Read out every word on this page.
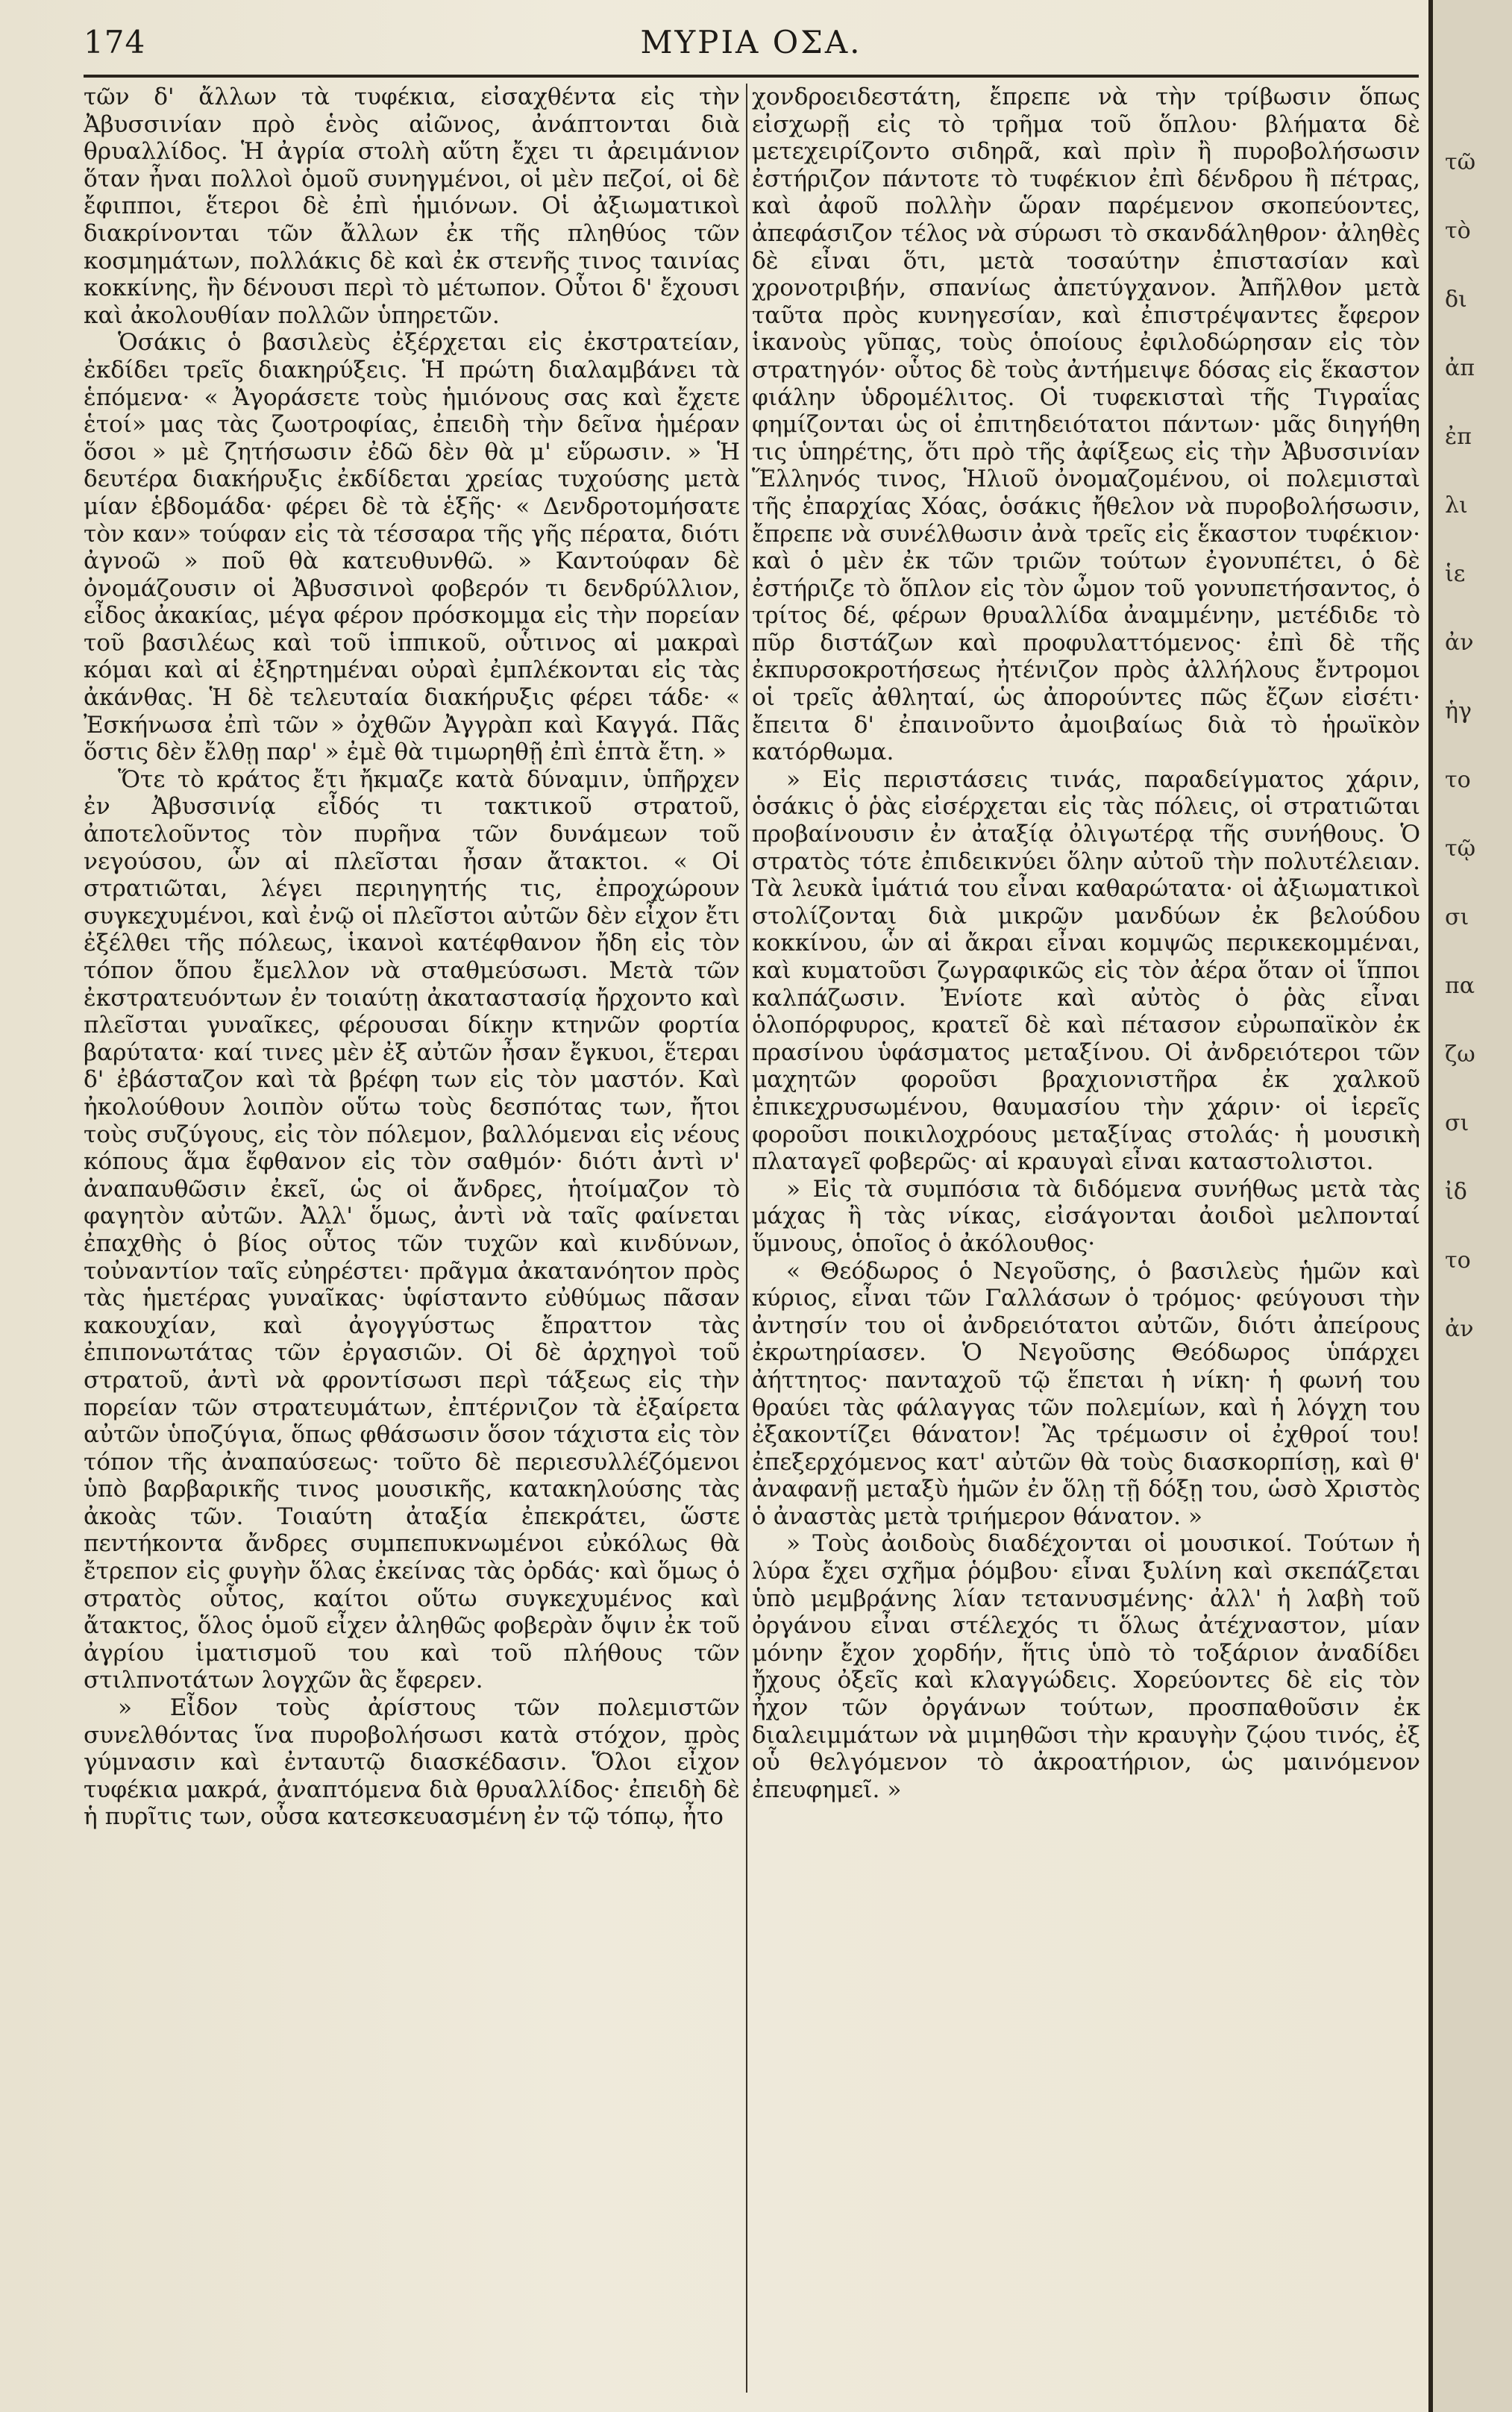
174	ΜΥΡΙΑ ΟΣΑ.

τῶν δ' ἄλλων τὰ τυφέκια, εἰσαχθέντα εἰς τὴν Ἀβυσσινίαν πρὸ ἑνὸς αἰῶνος, ἀνάπτονται διὰ θρυαλλίδος. Ἡ ἀγρία στολὴ αὕτη ἔχει τι ἀρειμάνιον ὅταν ἦναι πολλοὶ ὁμοῦ συνηγμένοι, οἱ μὲν πεζοί, οἱ δὲ ἔφιπποι, ἕτεροι δὲ ἐπὶ ἡμιόνων. Οἱ ἀξιωματικοὶ διακρίνονται τῶν ἄλλων ἐκ τῆς πληθύος τῶν κοσμημάτων, πολλάκις δὲ καὶ ἐκ στενῆς τινος ταινίας κοκκίνης, ἣν δένουσι περὶ τὸ μέτωπον. Οὗτοι δ' ἔχουσι καὶ ἀκολουθίαν πολλῶν ὑπηρετῶν.

Ὁσάκις ὁ βασιλεὺς ἐξέρχεται εἰς ἐκστρατείαν, ἐκδίδει τρεῖς διακηρύξεις. Ἡ πρώτη διαλαμβάνει τὰ ἑπόμενα· « Ἀγοράσετε τοὺς ἡμιόνους σας καὶ ἔχετε ἑτοί» μας τὰς ζωοτροφίας, ἐπειδὴ τὴν δεῖνα ἡμέραν ὅσοι » μὲ ζητήσωσιν ἐδῶ δὲν θὰ μ' εὕρωσιν. » Ἡ δευτέρα διακήρυξις ἐκδίδεται χρείας τυχούσης μετὰ μίαν ἑβδομάδα· φέρει δὲ τὰ ἑξῆς· « Δενδροτομήσατε τὸν καν» τούφαν εἰς τὰ τέσσαρα τῆς γῆς πέρατα, διότι ἀγνοῶ » ποῦ θὰ κατευθυνθῶ. » Καντούφαν δὲ ὀνομάζουσιν οἱ Ἀβυσσινοὶ φοβερόν τι δενδρύλλιον, εἶδος ἀκακίας, μέγα φέρον πρόσκομμα εἰς τὴν πορείαν τοῦ βασιλέως καὶ τοῦ ἱππικοῦ, οὗτινος αἱ μακραὶ κόμαι καὶ αἱ ἐξηρτημέναι οὐραὶ ἐμπλέκονται εἰς τὰς ἀκάνθας. Ἡ δὲ τελευταία διακήρυξις φέρει τάδε· « Ἐσκήνωσα ἐπὶ τῶν » ὀχθῶν Ἀγγρὰπ καὶ Καγγά. Πᾶς ὅστις δὲν ἔλθῃ παρ' » ἐμὲ θὰ τιμωρηθῇ ἐπὶ ἑπτὰ ἔτη. »

Ὅτε τὸ κράτος ἔτι ἤκμαζε κατὰ δύναμιν, ὑπῆρχεν ἐν Ἀβυσσινίᾳ εἶδός τι τακτικοῦ στρατοῦ, ἀποτελοῦντος τὸν πυρῆνα τῶν δυνάμεων τοῦ νεγούσου, ὧν αἱ πλεῖσται ἦσαν ἄτακτοι. « Οἱ στρατιῶται, λέγει περιηγητής τις, ἐπροχώρουν συγκεχυμένοι, καὶ ἐνῷ οἱ πλεῖστοι αὐτῶν δὲν εἶχον ἔτι ἐξέλθει τῆς πόλεως, ἱκανοὶ κατέφθανον ἤδη εἰς τὸν τόπον ὅπου ἔμελλον νὰ σταθμεύσωσι. Μετὰ τῶν ἐκστρατευόντων ἐν τοιαύτῃ ἀκαταστασίᾳ ἤρχοντο καὶ πλεῖσται γυναῖκες, φέρουσαι δίκην κτηνῶν φορτία βαρύτατα· καί τινες μὲν ἐξ αὐτῶν ἦσαν ἔγκυοι, ἕτεραι δ' ἐβάσταζον καὶ τὰ βρέφη των εἰς τὸν μαστόν. Καὶ ἠκολούθουν λοιπὸν οὕτω τοὺς δεσπότας των, ἤτοι τοὺς συζύγους, εἰς τὸν πόλεμον, βαλλόμεναι εἰς νέους κόπους ἅμα ἔφθανον εἰς τὸν σαθμόν· διότι ἀντὶ ν' ἀναπαυθῶσιν ἐκεῖ, ὡς οἱ ἄνδρες, ἡτοίμαζον τὸ φαγητὸν αὐτῶν. Ἀλλ' ὅμως, ἀντὶ νὰ ταῖς φαίνεται ἐπαχθὴς ὁ βίος οὗτος τῶν τυχῶν καὶ κινδύνων, τοὐναντίον ταῖς εὐηρέστει· πρᾶγμα ἀκατανόητον πρὸς τὰς ἡμετέρας γυναῖκας· ὑφίσταντο εὐθύμως πᾶσαν κακουχίαν, καὶ ἀγογγύστως ἔπραττον τὰς ἐπιπονωτάτας τῶν ἐργασιῶν. Οἱ δὲ ἀρχηγοὶ τοῦ στρατοῦ, ἀντὶ νὰ φροντίσωσι περὶ τάξεως εἰς τὴν πορείαν τῶν στρατευμάτων, ἐπτέρνιζον τὰ ἐξαίρετα αὐτῶν ὑποζύγια, ὅπως φθάσωσιν ὅσον τάχιστα εἰς τὸν τόπον τῆς ἀναπαύσεως· τοῦτο δὲ περιεσυλλέζόμενοι ὑπὸ βαρβαρικῆς τινος μουσικῆς, κατακηλούσης τὰς ἀκοὰς τῶν. Τοιαύτη ἀταξία ἐπεκράτει, ὥστε πεντήκοντα ἄνδρες συμπεπυκνωμένοι εὐκόλως θὰ ἔτρεπον εἰς φυγὴν ὅλας ἐκείνας τὰς ὀρδάς· καὶ ὅμως ὁ στρατὸς οὗτος, καίτοι οὕτω συγκεχυμένος καὶ ἄτακτος, ὅλος ὁμοῦ εἶχεν ἀληθῶς φοβερὰν ὄψιν ἐκ τοῦ ἀγρίου ἱματισμοῦ του καὶ τοῦ πλήθους τῶν στιλπνοτάτων λογχῶν ἃς ἔφερεν.

» Εἶδον τοὺς ἀρίστους τῶν πολεμιστῶν συνελθόντας ἵνα πυροβολήσωσι κατὰ στόχον, πρὸς γύμνασιν καὶ ἐνταυτῷ διασκέδασιν. Ὅλοι εἶχον τυφέκια μακρά, ἀναπτόμενα διὰ θρυαλλίδος· ἐπειδὴ δὲ ἡ πυρῖτις των, οὖσα κατεσκευασμένη ἐν τῷ τόπῳ, ἦτο

χονδροειδεστάτη, ἔπρεπε νὰ τὴν τρίβωσιν ὅπως εἰσχωρῇ εἰς τὸ τρῆμα τοῦ ὅπλου· βλήματα δὲ μετεχειρίζοντο σιδηρᾶ, καὶ πρὶν ἢ πυροβολήσωσιν ἐστήριζον πάντοτε τὸ τυφέκιον ἐπὶ δένδρου ἢ πέτρας, καὶ ἀφοῦ πολλὴν ὥραν παρέμενον σκοπεύοντες, ἀπεφάσιζον τέλος νὰ σύρωσι τὸ σκανδάληθρον· ἀληθὲς δὲ εἶναι ὅτι, μετὰ τοσαύτην ἐπιστασίαν καὶ χρονοτριβήν, σπανίως ἀπετύγχανον. Ἀπῆλθον μετὰ ταῦτα πρὸς κυνηγεσίαν, καὶ ἐπιστρέψαντες ἔφερον ἱκανοὺς γῦπας, τοὺς ὁποίους ἐφιλοδώρησαν εἰς τὸν στρατηγόν· οὗτος δὲ τοὺς ἀντήμειψε δόσας εἰς ἕκαστον φιάλην ὑδρομέλιτος. Οἱ τυφεκισταὶ τῆς Τιγραΐας φημίζονται ὡς οἱ ἐπιτηδειότατοι πάντων· μᾶς διηγήθη τις ὑπηρέτης, ὅτι πρὸ τῆς ἀφίξεως εἰς τὴν Ἀβυσσινίαν Ἕλληνός τινος, Ἡλιοῦ ὀνομαζομένου, οἱ πολεμισταὶ τῆς ἐπαρχίας Χόας, ὁσάκις ἤθελον νὰ πυροβολήσωσιν, ἔπρεπε νὰ συνέλθωσιν ἀνὰ τρεῖς εἰς ἕκαστον τυφέκιον· καὶ ὁ μὲν ἐκ τῶν τριῶν τούτων ἐγονυπέτει, ὁ δὲ ἐστήριζε τὸ ὅπλον εἰς τὸν ὦμον τοῦ γονυπετήσαντος, ὁ τρίτος δέ, φέρων θρυαλλίδα ἀναμμένην, μετέδιδε τὸ πῦρ διστάζων καὶ προφυλαττόμενος· ἐπὶ δὲ τῆς ἐκπυρσοκροτήσεως ἠτένιζον πρὸς ἀλλήλους ἔντρομοι οἱ τρεῖς ἀθληταί, ὡς ἀπορούντες πῶς ἔζων εἰσέτι· ἔπειτα δ' ἐπαινοῦντο ἀμοιβαίως διὰ τὸ ἡρωϊκὸν κατόρθωμα.

» Εἰς περιστάσεις τινάς, παραδείγματος χάριν, ὁσάκις ὁ ῥὰς εἰσέρχεται εἰς τὰς πόλεις, οἱ στρατιῶται προβαίνουσιν ἐν ἀταξίᾳ ὀλιγωτέρᾳ τῆς συνήθους. Ὁ στρατὸς τότε ἐπιδεικνύει ὅλην αὐτοῦ τὴν πολυτέλειαν. Τὰ λευκὰ ἱμάτιά του εἶναι καθαρώτατα· οἱ ἀξιωματικοὶ στολίζονται διὰ μικρῶν μανδύων ἐκ βελούδου κοκκίνου, ὧν αἱ ἄκραι εἶναι κομψῶς περικεκομμέναι, καὶ κυματοῦσι ζωγραφικῶς εἰς τὸν ἀέρα ὅταν οἱ ἵπποι καλπάζωσιν. Ἐνίοτε καὶ αὐτὸς ὁ ῥὰς εἶναι ὁλοπόρφυρος, κρατεῖ δὲ καὶ πέτασον εὐρωπαϊκὸν ἐκ πρασίνου ὑφάσματος μεταξίνου. Οἱ ἀνδρειότεροι τῶν μαχητῶν φοροῦσι βραχιονιστῆρα ἐκ χαλκοῦ ἐπικεχρυσωμένου, θαυμασίου τὴν χάριν· οἱ ἱερεῖς φοροῦσι ποικιλοχρόους μεταξίνας στολάς· ἡ μουσικὴ πλαταγεῖ φοβερῶς· αἱ κραυγαὶ εἶναι καταστολιστοι.

» Εἰς τὰ συμπόσια τὰ διδόμενα συνήθως μετὰ τὰς μάχας ἢ τὰς νίκας, εἰσάγονται ἀοιδοὶ μελπονταί ὕμνους, ὁποῖος ὁ ἀκόλουθος·

« Θεόδωρος ὁ Νεγοῦσης, ὁ βασιλεὺς ἡμῶν καὶ κύριος, εἶναι τῶν Γαλλάσων ὁ τρόμος· φεύγουσι τὴν ἀντησίν του οἱ ἀνδρειότατοι αὐτῶν, διότι ἀπείρους ἐκρωτηρίασεν. Ὁ Νεγοῦσης Θεόδωρος ὑπάρχει ἀήττητος· πανταχοῦ τῷ ἕπεται ἡ νίκη· ἡ φωνή του θραύει τὰς φάλαγγας τῶν πολεμίων, καὶ ἡ λόγχη του ἐξακοντίζει θάνατον! Ἂς τρέμωσιν οἱ ἐχθροί του! ἐπεξερχόμενος κατ' αὐτῶν θὰ τοὺς διασκορπίσῃ, καὶ θ' ἀναφανῇ μεταξὺ ἡμῶν ἐν ὅλῃ τῇ δόξῃ του, ὡσὸ Χριστὸς ὁ ἀναστὰς μετὰ τριήμερον θάνατον. »

» Τοὺς ἀοιδοὺς διαδέχονται οἱ μουσικοί. Τούτων ἡ λύρα ἔχει σχῆμα ῥόμβου· εἶναι ξυλίνη καὶ σκεπάζεται ὑπὸ μεμβράνης λίαν τετανυσμένης· ἀλλ' ἡ λαβὴ τοῦ ὀργάνου εἶναι στέλεχός τι ὅλως ἀτέχναστον, μίαν μόνην ἔχον χορδήν, ἥτις ὑπὸ τὸ τοξάριον ἀναδίδει ἤχους ὀξεῖς καὶ κλαγγώδεις. Χορεύοντες δὲ εἰς τὸν ἦχον τῶν ὀργάνων τούτων, προσπαθοῦσιν ἐκ διαλειμμάτων νὰ μιμηθῶσι τὴν κραυγὴν ζῴου τινός, ἐξ οὗ θελγόμενον τὸ ἀκροατήριον, ὡς μαινόμενον ἐπευφημεῖ. »

τῶ
τὸ
δι
ἀπ
ἐπ
λι
ἱε
ἀν
ἡγ
το
τῷ
σι
πα
ζω
σι
ἰδ
το
ἀν
